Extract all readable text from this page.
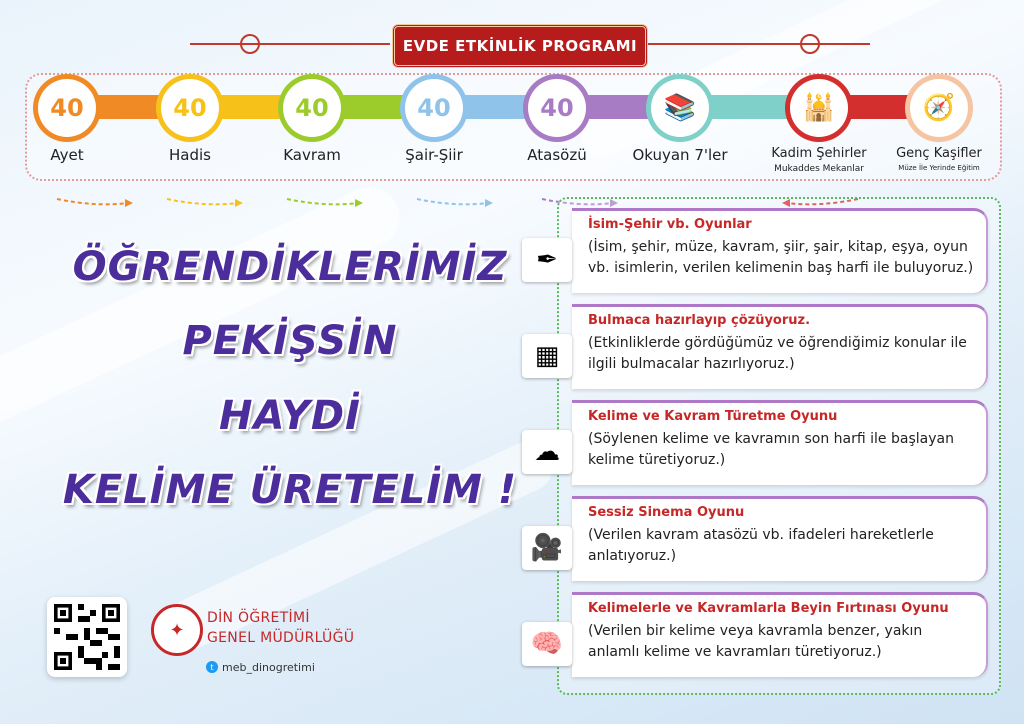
EVDE ETKİNLİK PROGRAMI
40
Ayet
40
Hadis
40
Kavram
40
Şair-Şiir
40
Atasözü
📚
Okuyan 7'ler
🕌
Kadim Şehirler
Mukaddes Mekanlar
🧭
Genç Kaşifler
Müze İle Yerinde Eğitim
ÖĞRENDİKLERİMİZ
PEKİŞSİN
HAYDİ
KELİME ÜRETELİM !
İsim-Şehir vb. Oyunlar
(İsim, şehir, müze, kavram, şiir, şair, kitap, eşya, oyun vb. isimlerin, verilen kelimenin baş harfi ile buluyoruz.)
✒
Bulmaca hazırlayıp çözüyoruz.
(Etkinliklerde gördüğümüz ve öğrendiğimiz konular ile ilgili bulmacalar hazırlıyoruz.)
▦
Kelime ve Kavram Türetme Oyunu
(Söylenen kelime ve kavramın son harfi ile başlayan kelime türetiyoruz.)
☁
Sessiz Sinema Oyunu
(Verilen kavram atasözü vb. ifadeleri hareketlerle anlatıyoruz.)
🎥
Kelimelerle ve Kavramlarla Beyin Fırtınası Oyunu
(Verilen bir kelime veya kavramla benzer, yakın anlamlı kelime ve kavramları türetiyoruz.)
🧠
✦
DİN ÖĞRETİMİ
GENEL MÜDÜRLÜĞÜ
t meb_dinogretimi
